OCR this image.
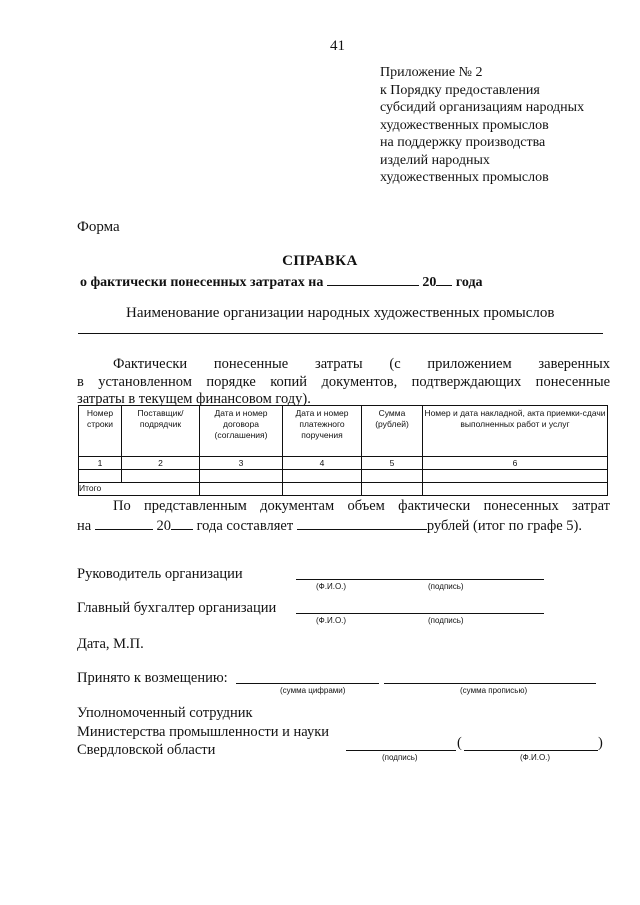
41
Приложение № 2
к Порядку предоставления
субсидий организациям народных
художественных промыслов
на поддержку производства
изделий народных
художественных промыслов
Форма
СПРАВКА
о фактически понесенных затратах на	20 года
Наименование организации народных художественных промыслов

Фактически понесенные затраты (с приложением заверенных

в установленном порядке копий документов, подтверждающих понесенные

затраты в текущем финансовом году).

Номер строки	Поставщик/ подрядчик	Дата и номер договора (соглашения)	Дата и номер платежного поручения	Сумма (рублей)	Номер и дата накладной, акта приемки-сдачи выполненных работ и услуг
1	2	3	4	5	6

Итого					

По представленным документам объем фактически понесенных затрат

на	20 года составляет	рублей (итог по графе 5).

Руководитель организации
(Ф.И.О.)	(подпись)
Главный бухгалтер организации
(Ф.И.О.)	(подпись)
Дата, М.П.
Принято к возмещению:
(сумма цифрами)	(сумма прописью)
Уполномоченный сотрудник
Министерства промышленности и науки
Свердловской области	(	)
(подпись)	(Ф.И.О.)
